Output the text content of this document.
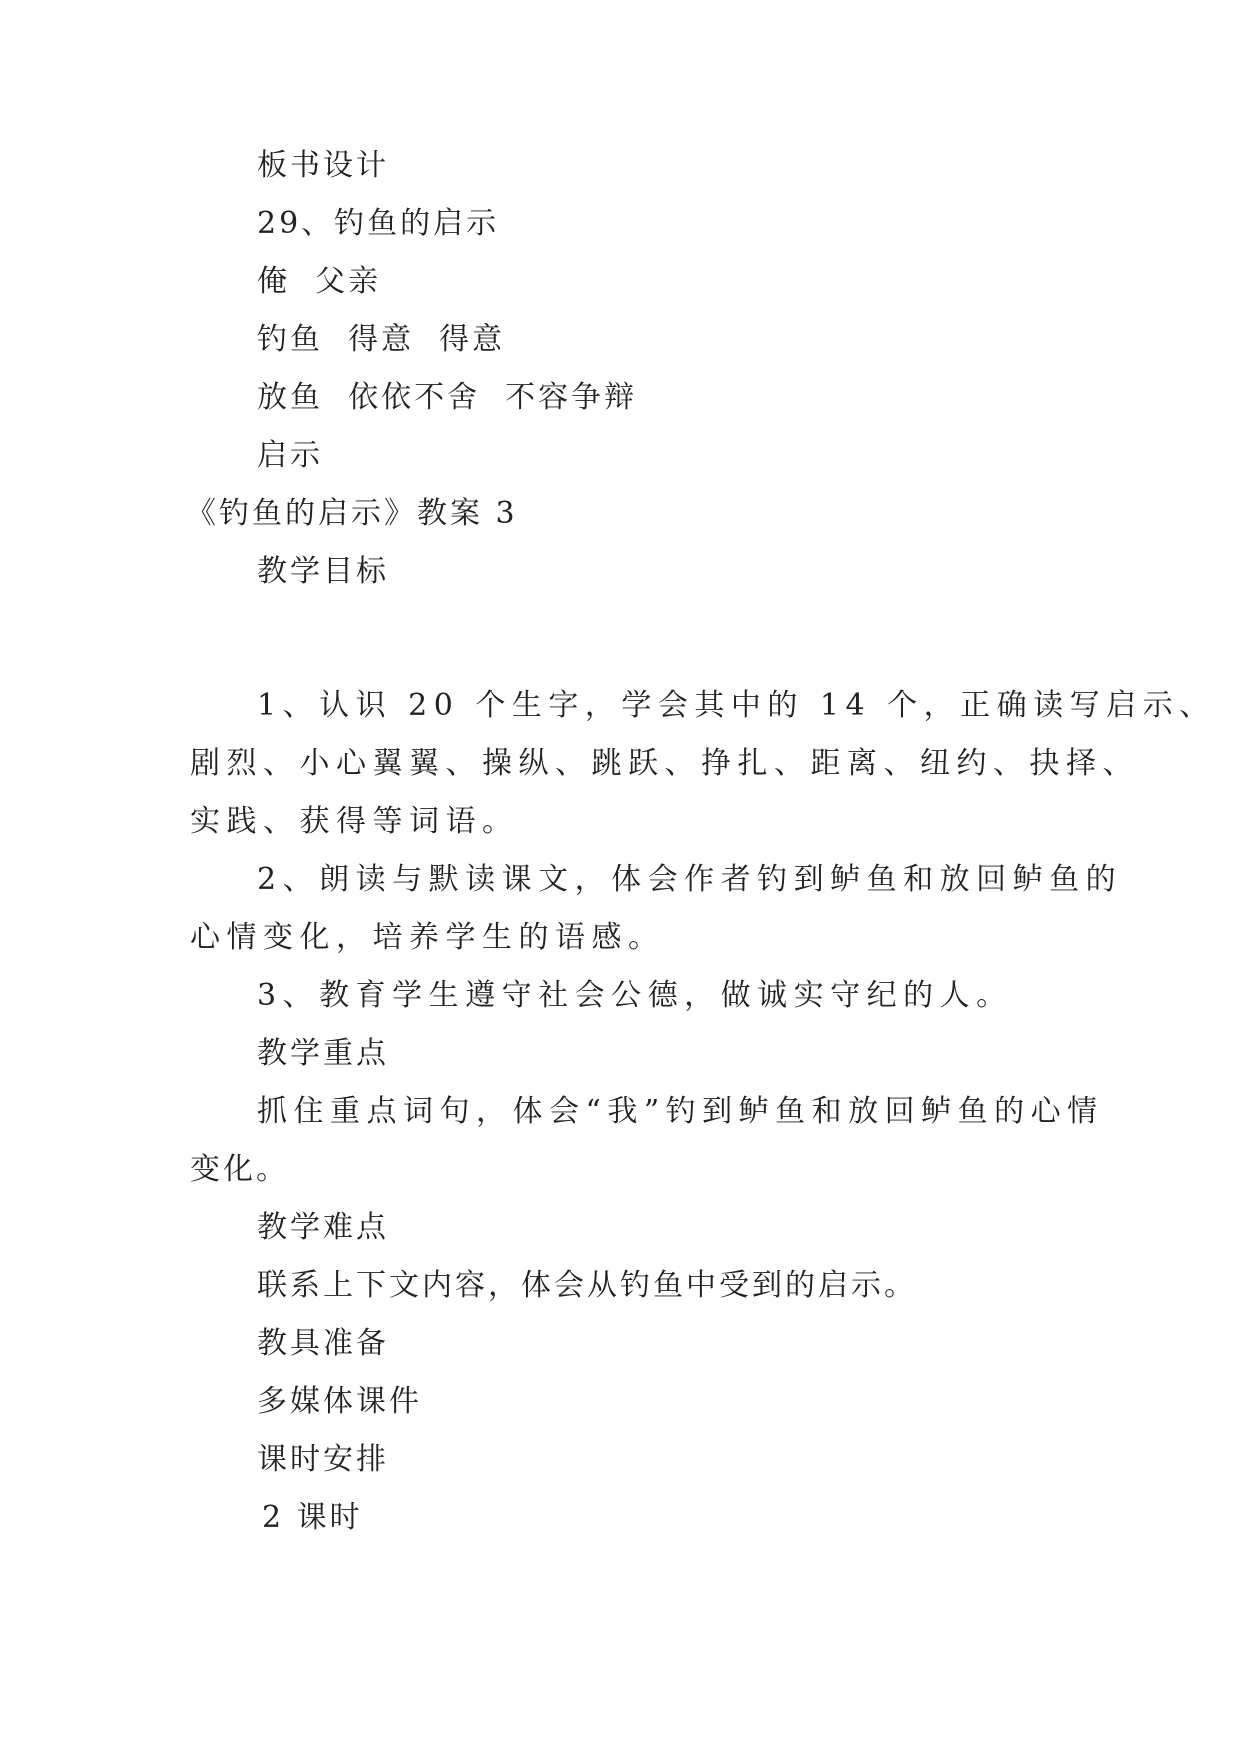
板书设计

29、钓鱼的启示

俺  父亲

钓鱼  得意  得意

放鱼  依依不舍  不容争辩

启示

《钓鱼的启示》教案 3

教学目标

1、认识 20 个生字，学会其中的 14 个，正确读写启示、

剧烈、小心翼翼、操纵、跳跃、挣扎、距离、纽约、抉择、

实践、获得等词语。

2、朗读与默读课文，体会作者钓到鲈鱼和放回鲈鱼的

心情变化，培养学生的语感。

3、教育学生遵守社会公德，做诚实守纪的人。

教学重点

抓住重点词句，体会“我”钓到鲈鱼和放回鲈鱼的心情

变化。

教学难点

联系上下文内容，体会从钓鱼中受到的启示。

教具准备

多媒体课件

课时安排

2 课时
